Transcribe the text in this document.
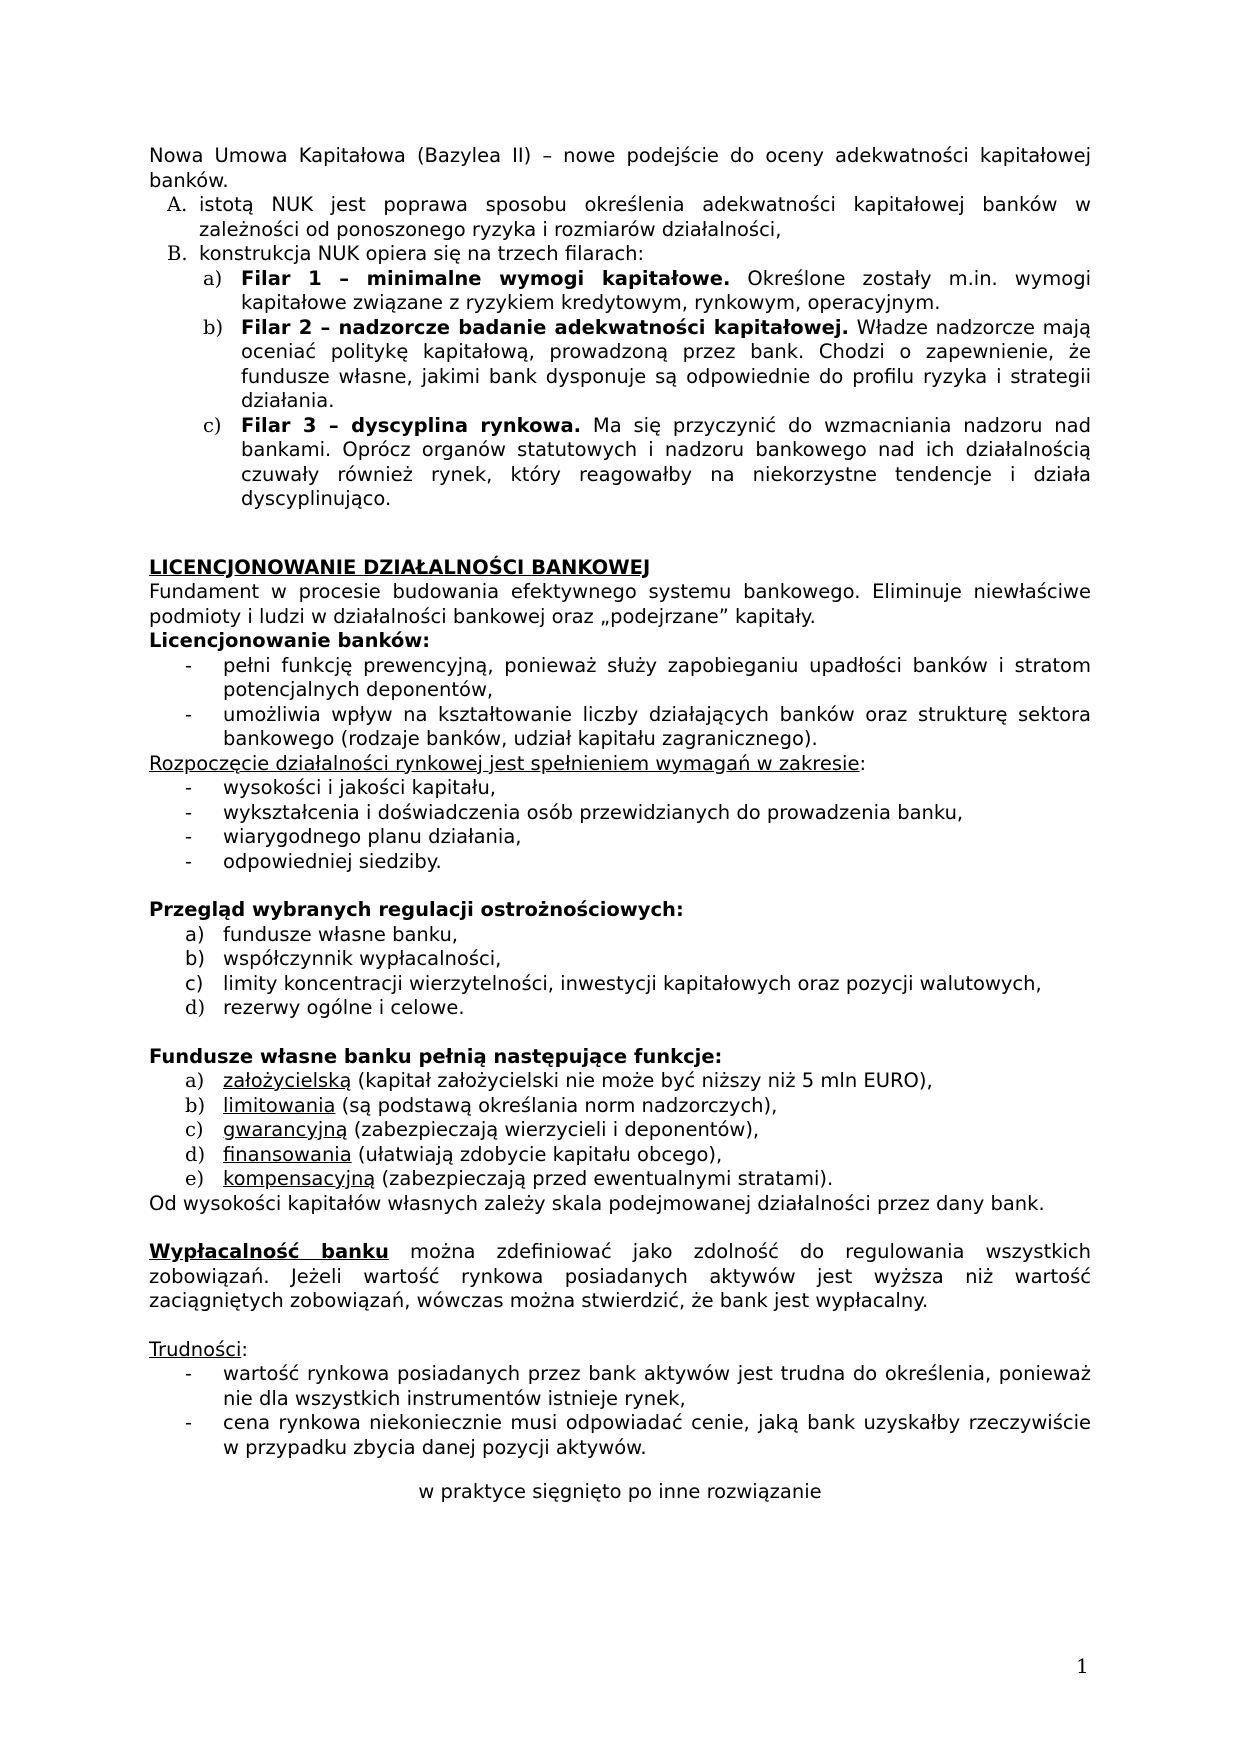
Nowa Umowa Kapitałowa (Bazylea II) – nowe podejście do oceny adekwatności kapitałowej banków.
A. istotą NUK jest poprawa sposobu określenia adekwatności kapitałowej banków w zależności od ponoszonego ryzyka i rozmiarów działalności,
B. konstrukcja NUK opiera się na trzech filarach:
a) Filar 1 – minimalne wymogi kapitałowe. Określone zostały m.in. wymogi kapitałowe związane z ryzykiem kredytowym, rynkowym, operacyjnym.
b) Filar 2 – nadzorcze badanie adekwatności kapitałowej. Władze nadzorcze mają oceniać politykę kapitałową, prowadzoną przez bank. Chodzi o zapewnienie, że fundusze własne, jakimi bank dysponuje są odpowiednie do profilu ryzyka i strategii działania.
c) Filar 3 – dyscyplina rynkowa. Ma się przyczynić do wzmacniania nadzoru nad bankami. Oprócz organów statutowych i nadzoru bankowego nad ich działalnością czuwały również rynek, który reagowałby na niekorzystne tendencje i działa dyscyplinująco.
LICENCJONOWANIE DZIAŁALNOŚCI BANKOWEJ
Fundament w procesie budowania efektywnego systemu bankowego. Eliminuje niewłaściwe podmioty i ludzi w działalności bankowej oraz „podejrzane” kapitały.
Licencjonowanie banków:
-	pełni funkcję prewencyjną, ponieważ służy zapobieganiu upadłości banków i stratom potencjalnych deponentów,
-	umożliwia wpływ na kształtowanie liczby działających banków oraz strukturę sektora bankowego (rodzaje banków, udział kapitału zagranicznego).
Rozpoczęcie działalności rynkowej jest spełnieniem wymagań w zakresie:
-	wysokości i jakości kapitału,
-	wykształcenia i doświadczenia osób przewidzianych do prowadzenia banku,
-	wiarygodnego planu działania,
-	odpowiedniej siedziby.
Przegląd wybranych regulacji ostrożnościowych:
a) fundusze własne banku,
b) współczynnik wypłacalności,
c)	limity koncentracji wierzytelności, inwestycji kapitałowych oraz pozycji walutowych,
d) rezerwy ogólne i celowe.
Fundusze własne banku pełnią następujące funkcje:
a) założycielską (kapitał założycielski nie może być niższy niż 5 mln EURO),
b) limitowania (są podstawą określania norm nadzorczych),
c) gwarancyjną (zabezpieczają wierzycieli i deponentów),
d) finansowania (ułatwiają zdobycie kapitału obcego),
e) kompensacyjną (zabezpieczają przed ewentualnymi stratami).
Od wysokości kapitałów własnych zależy skala podejmowanej działalności przez dany bank.
Wypłacalność banku można zdefiniować jako zdolność do regulowania wszystkich zobowiązań. Jeżeli wartość rynkowa posiadanych aktywów jest wyższa niż wartość zaciągniętych zobowiązań, wówczas można stwierdzić, że bank jest wypłacalny.
Trudności:
-	wartość rynkowa posiadanych przez bank aktywów jest trudna do określenia, ponieważ nie dla wszystkich instrumentów istnieje rynek,
-	cena rynkowa niekoniecznie musi odpowiadać cenie, jaką bank uzyskałby rzeczywiście w przypadku zbycia danej pozycji aktywów.
w praktyce sięgnięto po inne rozwiązanie
1
